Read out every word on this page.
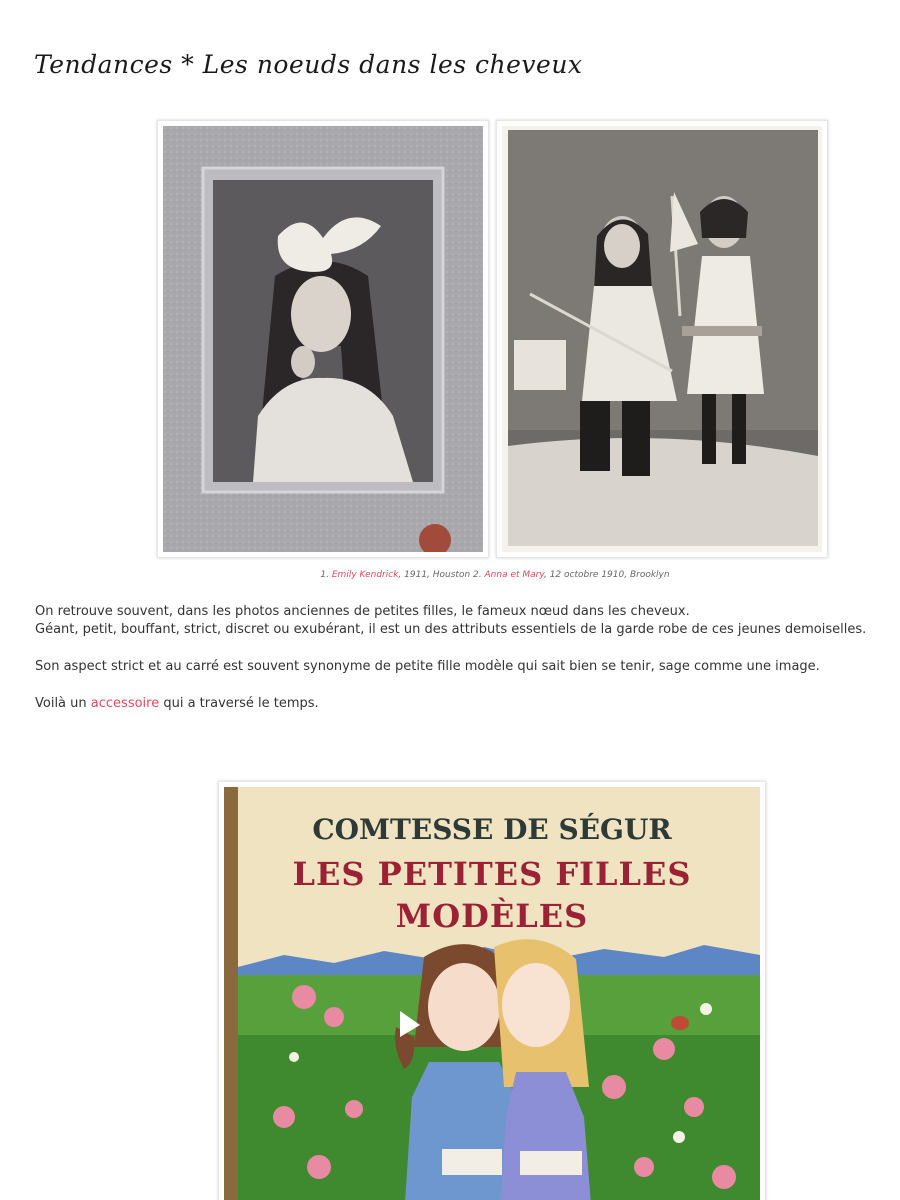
Tendances * Les noeuds dans les cheveux
1. Emily Kendrick, 1911, Houston 2. Anna et Mary, 12 octobre 1910, Brooklyn

On retrouve souvent, dans les photos anciennes de petites filles, le fameux nœud dans les cheveux.
Géant, petit, bouffant, strict, discret ou exubérant, il est un des attributs essentiels de la garde robe de ces jeunes demoiselles.

Son aspect strict et au carré est souvent synonyme de petite fille modèle qui sait bien se tenir, sage comme une image.

Voilà un accessoire qui a traversé le temps.

COMTESSE DE SÉGUR
LES PETITES FILLES
MODÈLES
